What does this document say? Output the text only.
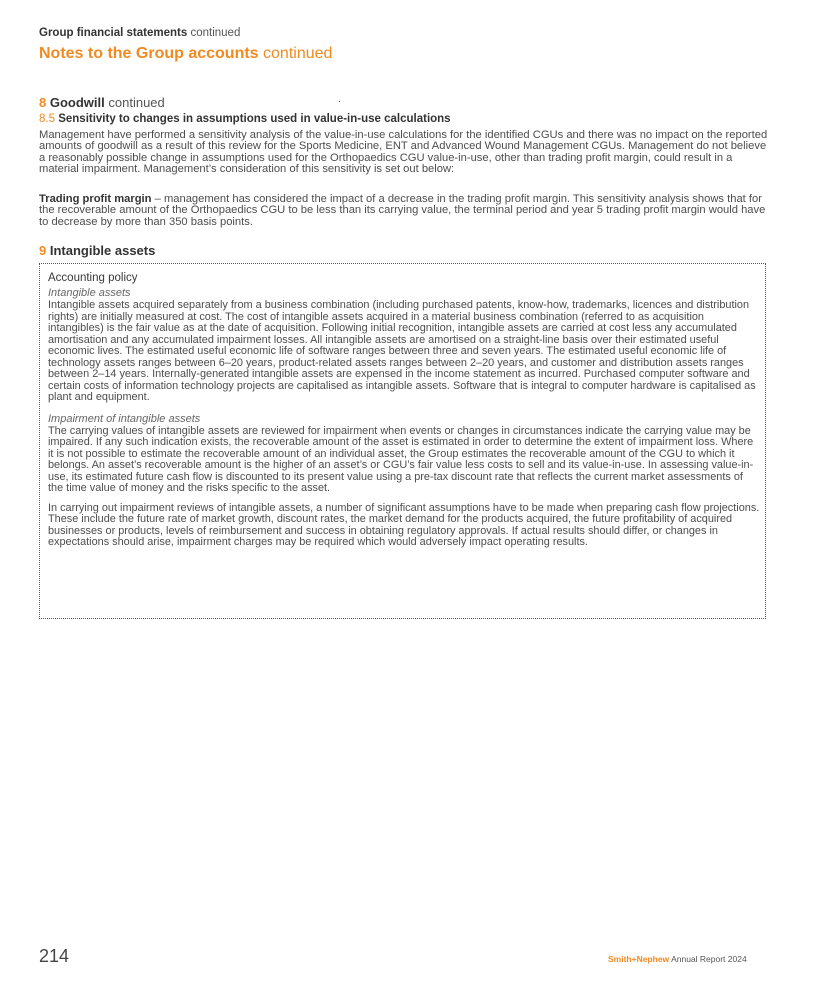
Group financial statements continued
Notes to the Group accounts continued
8 Goodwill continued
8.5 Sensitivity to changes in assumptions used in value-in-use calculations

Management have performed a sensitivity analysis of the value-in-use calculations for the identified CGUs and there was no impact on the reported amounts of goodwill as a result of this review for the Sports Medicine, ENT and Advanced Wound Management CGUs. Management do not believe a reasonably possible change in assumptions used for the Orthopaedics CGU value-in-use, other than trading profit margin, could result in a material impairment. Management’s consideration of this sensitivity is set out below:

Trading profit margin – management has considered the impact of a decrease in the trading profit margin. This sensitivity analysis shows that for the recoverable amount of the Orthopaedics CGU to be less than its carrying value, the terminal period and year 5 trading profit margin would have to decrease by more than 350 basis points.

9 Intangible assets

Accounting policy

Intangible assets

Intangible assets acquired separately from a business combination (including purchased patents, know-how, trademarks, licences and distribution rights) are initially measured at cost. The cost of intangible assets acquired in a material business combination (referred to as acquisition intangibles) is the fair value as at the date of acquisition. Following initial recognition, intangible assets are carried at cost less any accumulated amortisation and any accumulated impairment losses. All intangible assets are amortised on a straight-line basis over their estimated useful economic lives. The estimated useful economic life of software ranges between three and seven years. The estimated useful economic life of technology assets ranges between 6–20 years, product-related assets ranges between 2–20 years, and customer and distribution assets ranges between 2–14 years. Internally-generated intangible assets are expensed in the income statement as incurred. Purchased computer software and certain costs of information technology projects are capitalised as intangible assets. Software that is integral to computer hardware is capitalised as plant and equipment.

Impairment of intangible assets

The carrying values of intangible assets are reviewed for impairment when events or changes in circumstances indicate the carrying value may be impaired. If any such indication exists, the recoverable amount of the asset is estimated in order to determine the extent of impairment loss. Where it is not possible to estimate the recoverable amount of an individual asset, the Group estimates the recoverable amount of the CGU to which it belongs. An asset’s recoverable amount is the higher of an asset’s or CGU’s fair value less costs to sell and its value-in-use. In assessing value-in-use, its estimated future cash flow is discounted to its present value using a pre-tax discount rate that reflects the current market assessments of the time value of money and the risks specific to the asset.

In carrying out impairment reviews of intangible assets, a number of significant assumptions have to be made when preparing cash flow projections. These include the future rate of market growth, discount rates, the market demand for the products acquired, the future profitability of acquired businesses or products, levels of reimbursement and success in obtaining regulatory approvals. If actual results should differ, or changes in expectations should arise, impairment charges may be required which would adversely impact operating results.

214	Smith+Nephew Annual Report 2024
